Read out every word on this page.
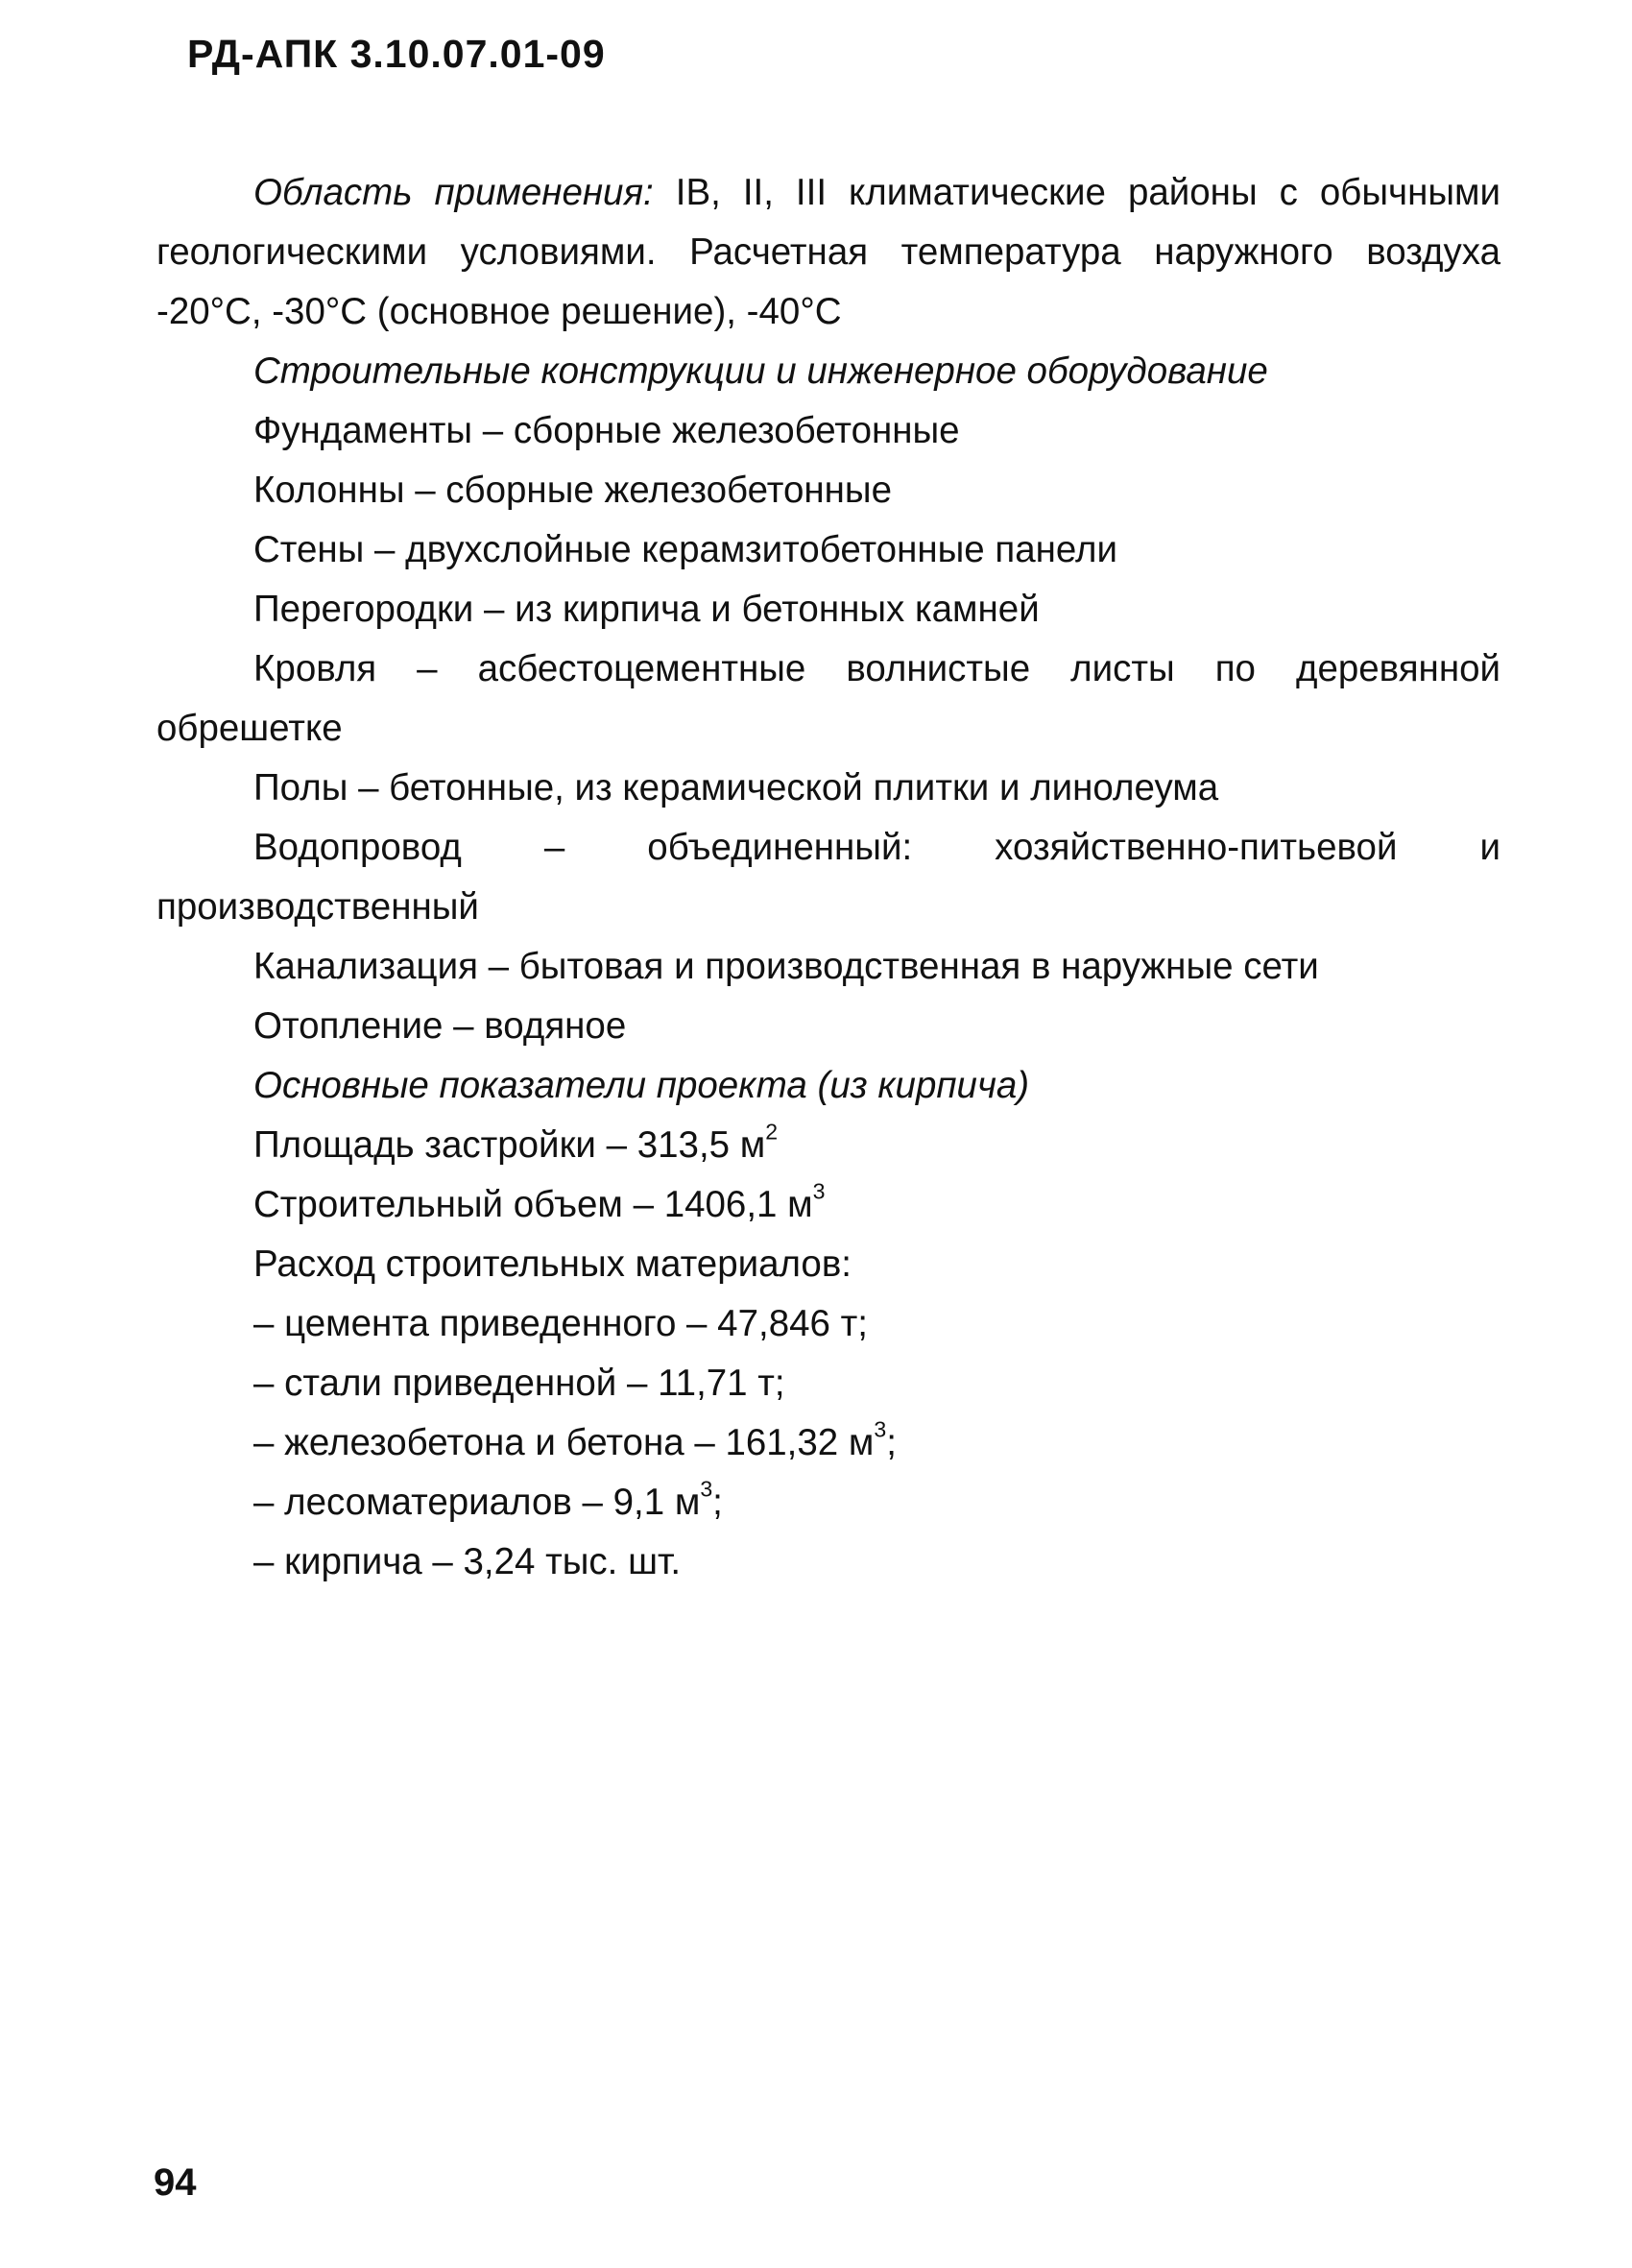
РД-АПК 3.10.07.01-09

Область применения: IB, II, III климатические районы с обычными геологическими условиями. Расчетная температура наружного воздуха -20°С, -30°С (основное решение), -40°С

Строительные конструкции и инженерное оборудование

Фундаменты – сборные железобетонные

Колонны – сборные железобетонные

Стены – двухслойные керамзитобетонные панели

Перегородки – из кирпича и бетонных камней

Кровля – асбестоцементные волнистые листы по деревянной обрешетке

Полы – бетонные, из керамической плитки и линолеума

Водопровод – объединенный: хозяйственно-питьевой и производственный

Канализация – бытовая и производственная в наружные сети

Отопление – водяное

Основные показатели проекта (из кирпича)

Площадь застройки – 313,5 $м^2$

Строительный объем – 1406,1 $м^3$

Расход строительных материалов:

– цемента приведенного – 47,846 т;

– стали приведенной – 11,71 т;

– железобетона и бетона – 161,32 $м^3$;

– лесоматериалов – 9,1 $м^3$;

– кирпича – 3,24 тыс. шт.

94
